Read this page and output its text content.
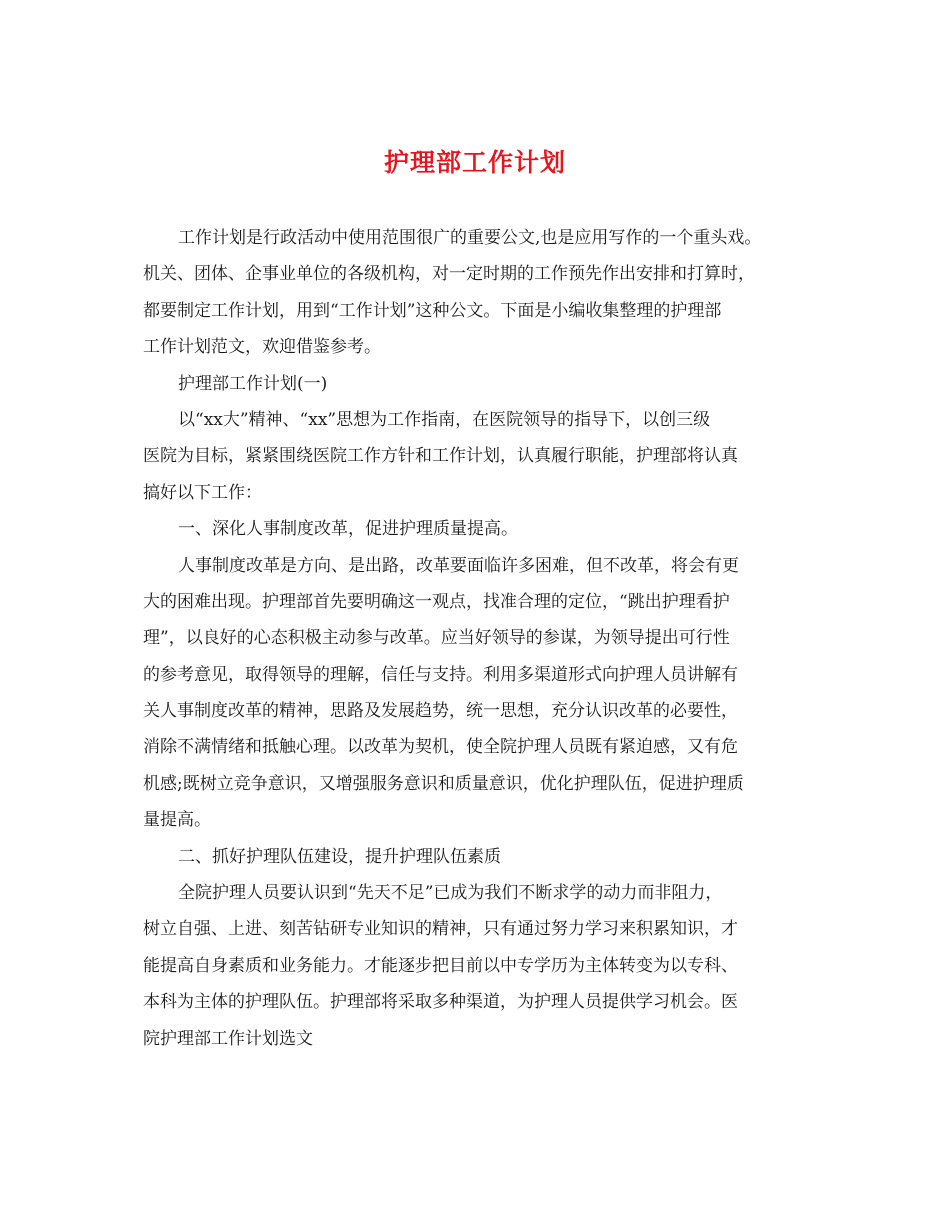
护理部工作计划

工作计划是行政活动中使用范围很广的重要公文,也是应用写作的一个重头戏。

机关、团体、企事业单位的各级机构，对一定时期的工作预先作出安排和打算时，

都要制定工作计划，用到“工作计划”这种公文。下面是小编收集整理的护理部

工作计划范文，欢迎借鉴参考。

护理部工作计划(一)

以“xx大”精神、“xx”思想为工作指南，在医院领导的指导下，以创三级

医院为目标，紧紧围绕医院工作方针和工作计划，认真履行职能，护理部将认真

搞好以下工作：

一、深化人事制度改革，促进护理质量提高。

人事制度改革是方向、是出路，改革要面临许多困难，但不改革，将会有更

大的困难出现。护理部首先要明确这一观点，找准合理的定位，“跳出护理看护

理”，以良好的心态积极主动参与改革。应当好领导的参谋，为领导提出可行性

的参考意见，取得领导的理解，信任与支持。利用多渠道形式向护理人员讲解有

关人事制度改革的精神，思路及发展趋势，统一思想，充分认识改革的必要性，

消除不满情绪和抵触心理。以改革为契机，使全院护理人员既有紧迫感，又有危

机感;既树立竞争意识，又增强服务意识和质量意识，优化护理队伍，促进护理质

量提高。

二、抓好护理队伍建设，提升护理队伍素质

全院护理人员要认识到“先天不足”已成为我们不断求学的动力而非阻力，

树立自强、上进、刻苦钻研专业知识的精神，只有通过努力学习来积累知识，才

能提高自身素质和业务能力。才能逐步把目前以中专学历为主体转变为以专科、

本科为主体的护理队伍。护理部将采取多种渠道，为护理人员提供学习机会。医

院护理部工作计划选文
